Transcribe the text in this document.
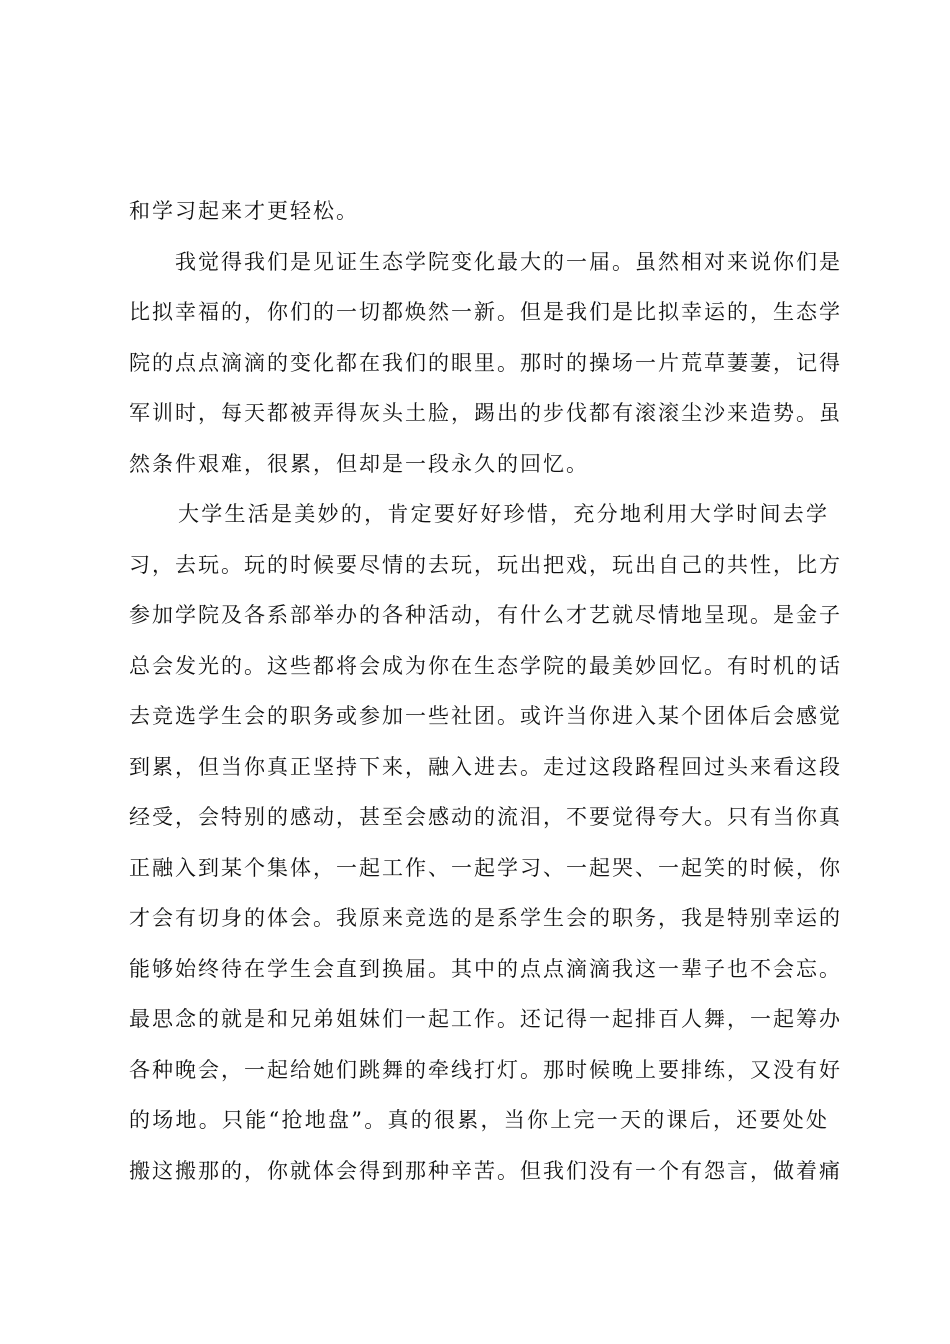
和学习起来才更轻松。
我觉得我们是见证生态学院变化最大的一届。虽然相对来说你们是
比拟幸福的，你们的一切都焕然一新。但是我们是比拟幸运的，生态学
院的点点滴滴的变化都在我们的眼里。那时的操场一片荒草萋萋，记得
军训时，每天都被弄得灰头土脸，踢出的步伐都有滚滚尘沙来造势。虽
然条件艰难，很累，但却是一段永久的回忆。
大学生活是美妙的，肯定要好好珍惜，充分地利用大学时间去学
习，去玩。玩的时候要尽情的去玩，玩出把戏，玩出自己的共性，比方
参加学院及各系部举办的各种活动，有什么才艺就尽情地呈现。是金子
总会发光的。这些都将会成为你在生态学院的最美妙回忆。有时机的话
去竞选学生会的职务或参加一些社团。或许当你进入某个团体后会感觉
到累，但当你真正坚持下来，融入进去。走过这段路程回过头来看这段
经受，会特别的感动，甚至会感动的流泪，不要觉得夸大。只有当你真
正融入到某个集体，一起工作、一起学习、一起哭、一起笑的时候，你
才会有切身的体会。我原来竞选的是系学生会的职务，我是特别幸运的
能够始终待在学生会直到换届。其中的点点滴滴我这一辈子也不会忘。
最思念的就是和兄弟姐妹们一起工作。还记得一起排百人舞，一起筹办
各种晚会，一起给她们跳舞的牵线打灯。那时候晚上要排练，又没有好
的场地。只能“抢地盘”。真的很累，当你上完一天的课后，还要处处
搬这搬那的，你就体会得到那种辛苦。但我们没有一个有怨言，做着痛
